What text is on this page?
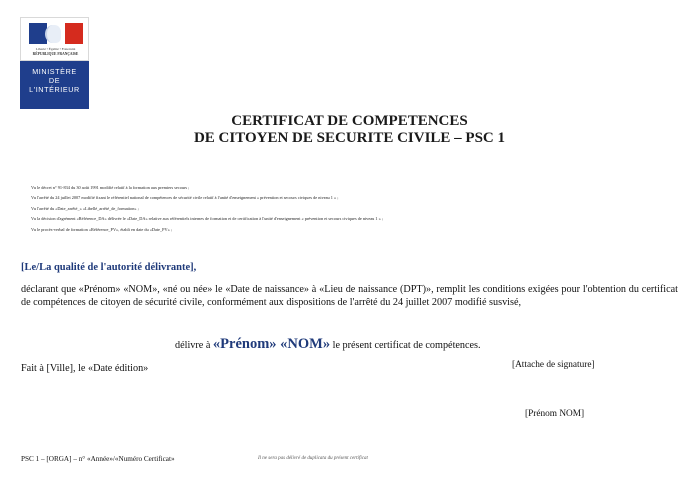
Liberté • Égalité • Fraternité
RÉPUBLIQUE FRANÇAISE
MINISTÈRE
DE
L'INTÉRIEUR
CERTIFICAT DE COMPETENCES
DE CITOYEN DE SECURITE CIVILE – PSC 1
Vu le décret n° 91-834 du 30 août 1991 modifié relatif à la formation aux premiers secours ;
Vu l'arrêté du 24 juillet 2007 modifié fixant le référentiel national de compétences de sécurité civile relatif à l'unité d'enseignement « prévention et secours civiques de niveau 1 » ;
Vu l'arrêté du «Date_arrêté_» «Libellé_arrêté_de_formation» ;
Vu la décision d'agrément «Référence_DA» délivrée le «Date_DA» relative aux référentiels internes de formation et de certification à l'unité d'enseignement « prévention et secours civiques de niveau 1 » ;
Vu le procès-verbal de formation «Référence_PV», établi en date du «Date_PV» ;
[Le/La qualité de l'autorité délivrante],
déclarant que «Prénom» «NOM», «né ou née» le «Date de naissance» à «Lieu de naissance (DPT)», remplit les conditions exigées pour l'obtention du certificat de compétences de citoyen de sécurité civile, conformément aux dispositions de l'arrêté du 24 juillet 2007 modifié susvisé,
délivre à «Prénom» «NOM» le présent certificat de compétences.
Fait à [Ville], le «Date édition»	[Attache de signature]
[Prénom NOM]
PSC 1 – [ORGA] – n° «Année»/«Numéro Certificat»	Il ne sera pas délivré de duplicata du présent certificat
